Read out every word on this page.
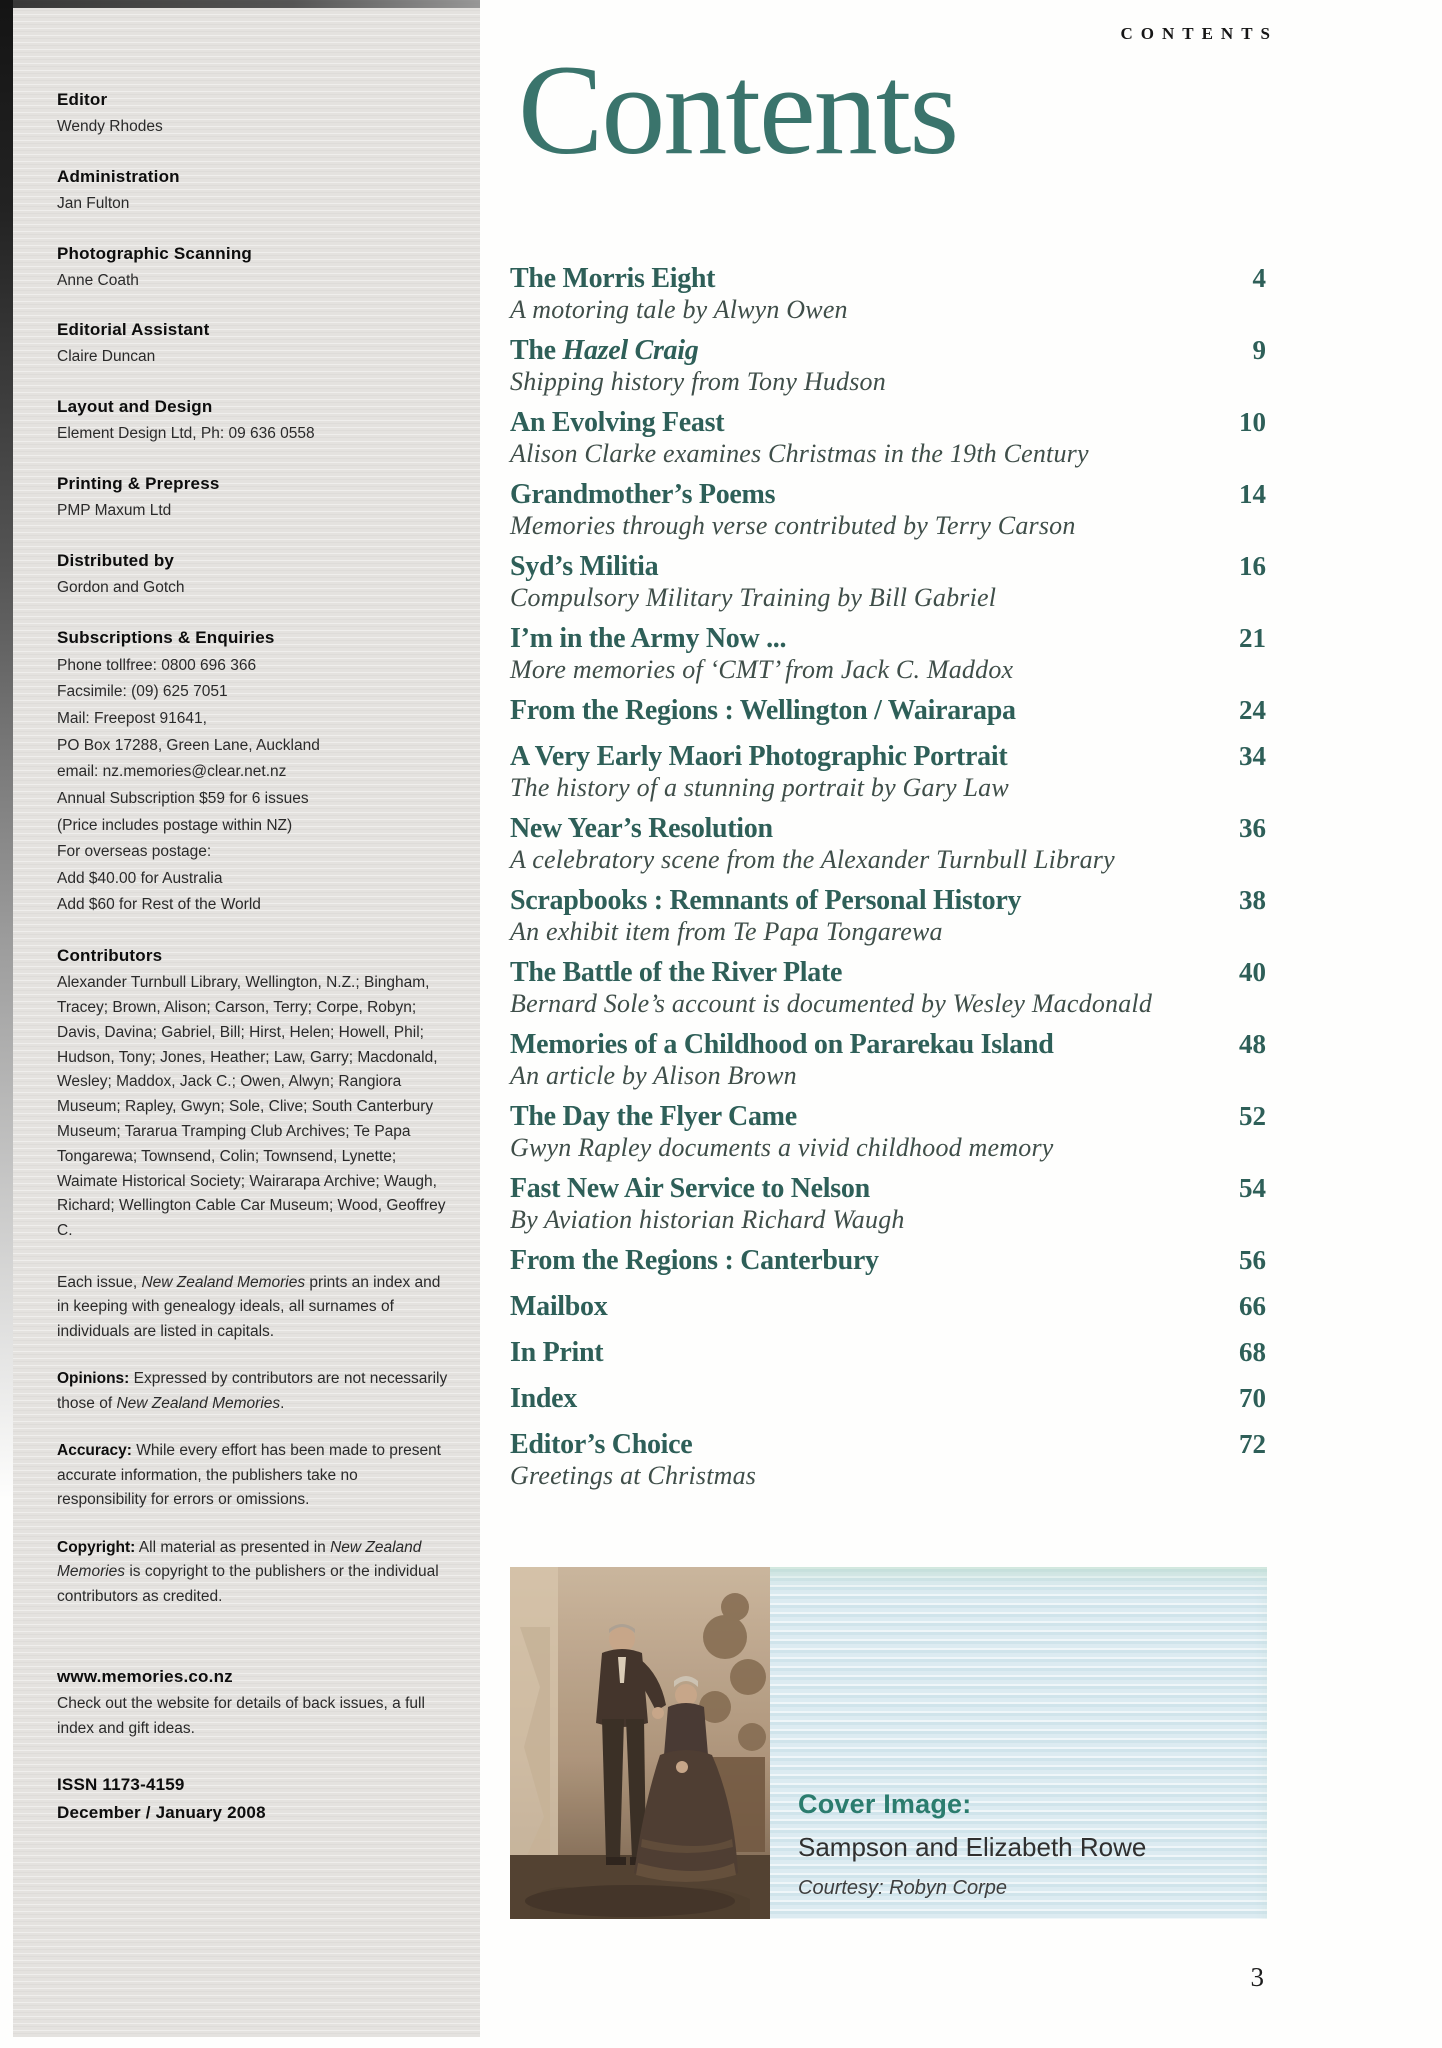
Editor
Wendy Rhodes
Administration
Jan Fulton
Photographic Scanning
Anne Coath
Editorial Assistant
Claire Duncan
Layout and Design
Element Design Ltd, Ph: 09 636 0558
Printing & Prepress
PMP Maxum Ltd
Distributed by
Gordon and Gotch
Subscriptions & Enquiries
Phone tollfree: 0800 696 366
Facsimile: (09) 625 7051
Mail: Freepost 91641,
PO Box 17288, Green Lane, Auckland
email: nz.memories@clear.net.nz
Annual Subscription $59 for 6 issues
(Price includes postage within NZ)
For overseas postage:
Add $40.00 for Australia
Add $60 for Rest of the World
Contributors
Alexander Turnbull Library, Wellington, N.Z.; Bingham, Tracey; Brown, Alison; Carson, Terry; Corpe, Robyn; Davis, Davina; Gabriel, Bill; Hirst, Helen; Howell, Phil; Hudson, Tony; Jones, Heather; Law, Garry; Macdonald, Wesley; Maddox, Jack C.; Owen, Alwyn; Rangiora Museum; Rapley, Gwyn; Sole, Clive; South Canterbury Museum; Tararua Tramping Club Archives; Te Papa Tongarewa; Townsend, Colin; Townsend, Lynette; Waimate Historical Society; Wairarapa Archive; Waugh, Richard; Wellington Cable Car Museum; Wood, Geoffrey C.
Each issue, New Zealand Memories prints an index and in keeping with genealogy ideals, all surnames of individuals are listed in capitals.
Opinions: Expressed by contributors are not necessarily those of New Zealand Memories.
Accuracy: While every effort has been made to present accurate information, the publishers take no responsibility for errors or omissions.
Copyright: All material as presented in New Zealand Memories is copyright to the publishers or the individual contributors as credited.
www.memories.co.nz
Check out the website for details of back issues, a full index and gift ideas.
ISSN 1173-4159
December / January 2008
CONTENTS
Contents
The Morris Eight	4
A motoring tale by Alwyn Owen
The Hazel Craig	9
Shipping history from Tony Hudson
An Evolving Feast	10
Alison Clarke examines Christmas in the 19th Century
Grandmother’s Poems	14
Memories through verse contributed by Terry Carson
Syd’s Militia	16
Compulsory Military Training by Bill Gabriel
I’m in the Army Now ...	21
More memories of ‘CMT’ from Jack C. Maddox
From the Regions : Wellington / Wairarapa	24
A Very Early Maori Photographic Portrait	34
The history of a stunning portrait by Gary Law
New Year’s Resolution	36
A celebratory scene from the Alexander Turnbull Library
Scrapbooks : Remnants of Personal History	38
An exhibit item from Te Papa Tongarewa
The Battle of the River Plate	40
Bernard Sole’s account is documented by Wesley Macdonald
Memories of a Childhood on Pararekau Island	48
An article by Alison Brown
The Day the Flyer Came	52
Gwyn Rapley documents a vivid childhood memory
Fast New Air Service to Nelson	54
By Aviation historian Richard Waugh
From the Regions : Canterbury	56
Mailbox	66
In Print	68
Index	70
Editor’s Choice	72
Greetings at Christmas
Cover Image:
Sampson and Elizabeth Rowe
Courtesy: Robyn Corpe
3
